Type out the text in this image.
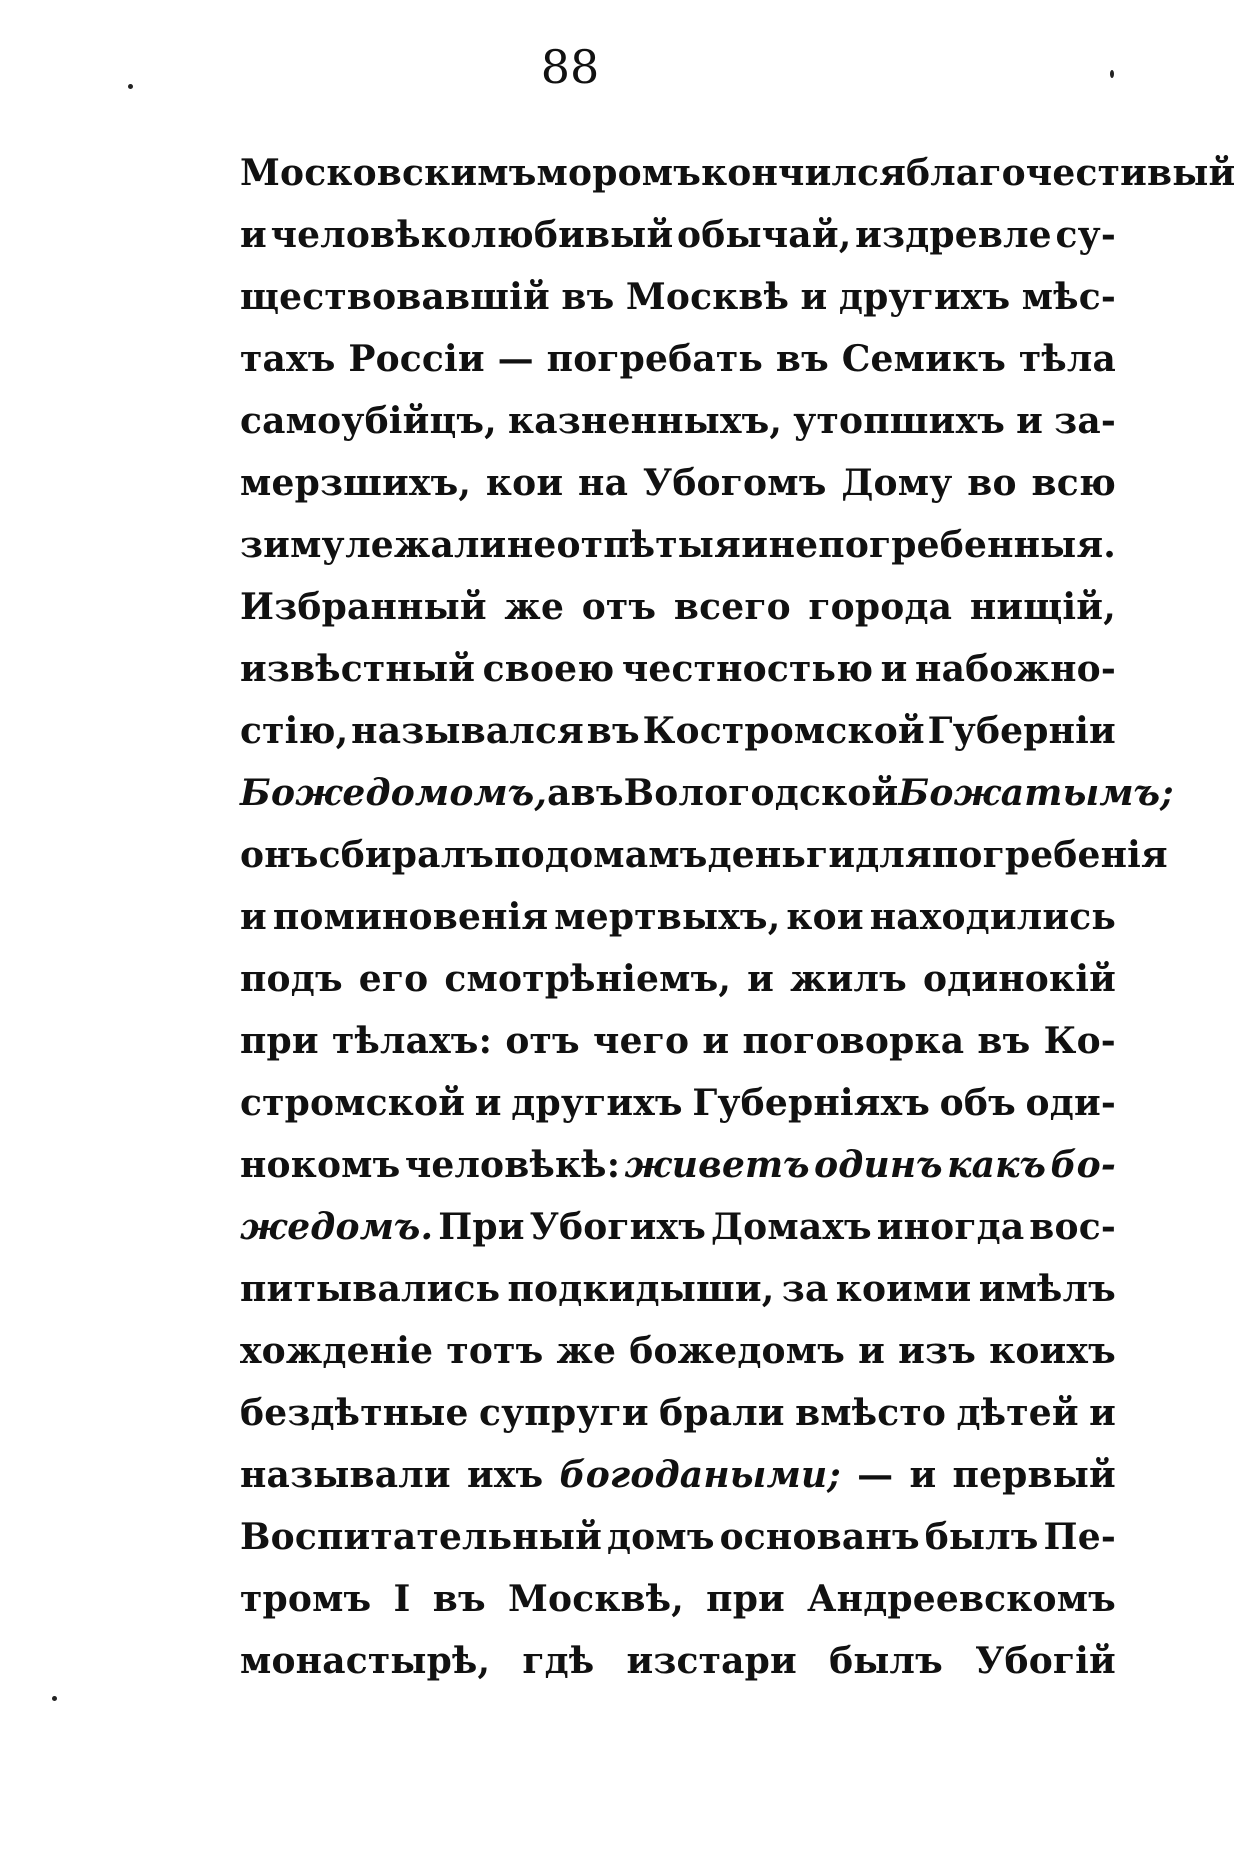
88
Московскимъ моромъ кончился благочестивый
и человѣколюбивый обычай, издревле су-
ществовавшій въ Москвѣ и другихъ мѣс-
тахъ Россіи — погребать въ Семикъ тѣла
самоубійцъ, казненныхъ, утопшихъ и за-
мерзшихъ, кои на Убогомъ Дому во всю
зиму лежали неотпѣтыя и непогребенныя.
Избранный же отъ всего города нищій,
извѣстный своею честностью и набожно-
стію, назывался въ Костромской Губерніи
Божедомомъ, а въ Вологодской Божатымъ;
онъ сбиралъ по домамъ деньги для погребенія
и поминовенія мертвыхъ, кои находились
подъ его смотрѣніемъ, и жилъ одинокій
при тѣлахъ: отъ чего и поговорка въ Ко-
стромской и другихъ Губерніяхъ объ оди-
нокомъ человѣкѣ: живетъ одинъ какъ бо-
жедомъ. При Убогихъ Домахъ иногда вос-
питывались подкидыши, за коими имѣлъ
хожденіе тотъ же божедомъ и изъ коихъ
бездѣтные супруги брали вмѣсто дѣтей и
называли ихъ богодаными; — и первый
Воспитательный домъ основанъ былъ Пе-
тромъ I въ Москвѣ, при Андреевскомъ
монастырѣ, гдѣ изстари былъ Убогій
